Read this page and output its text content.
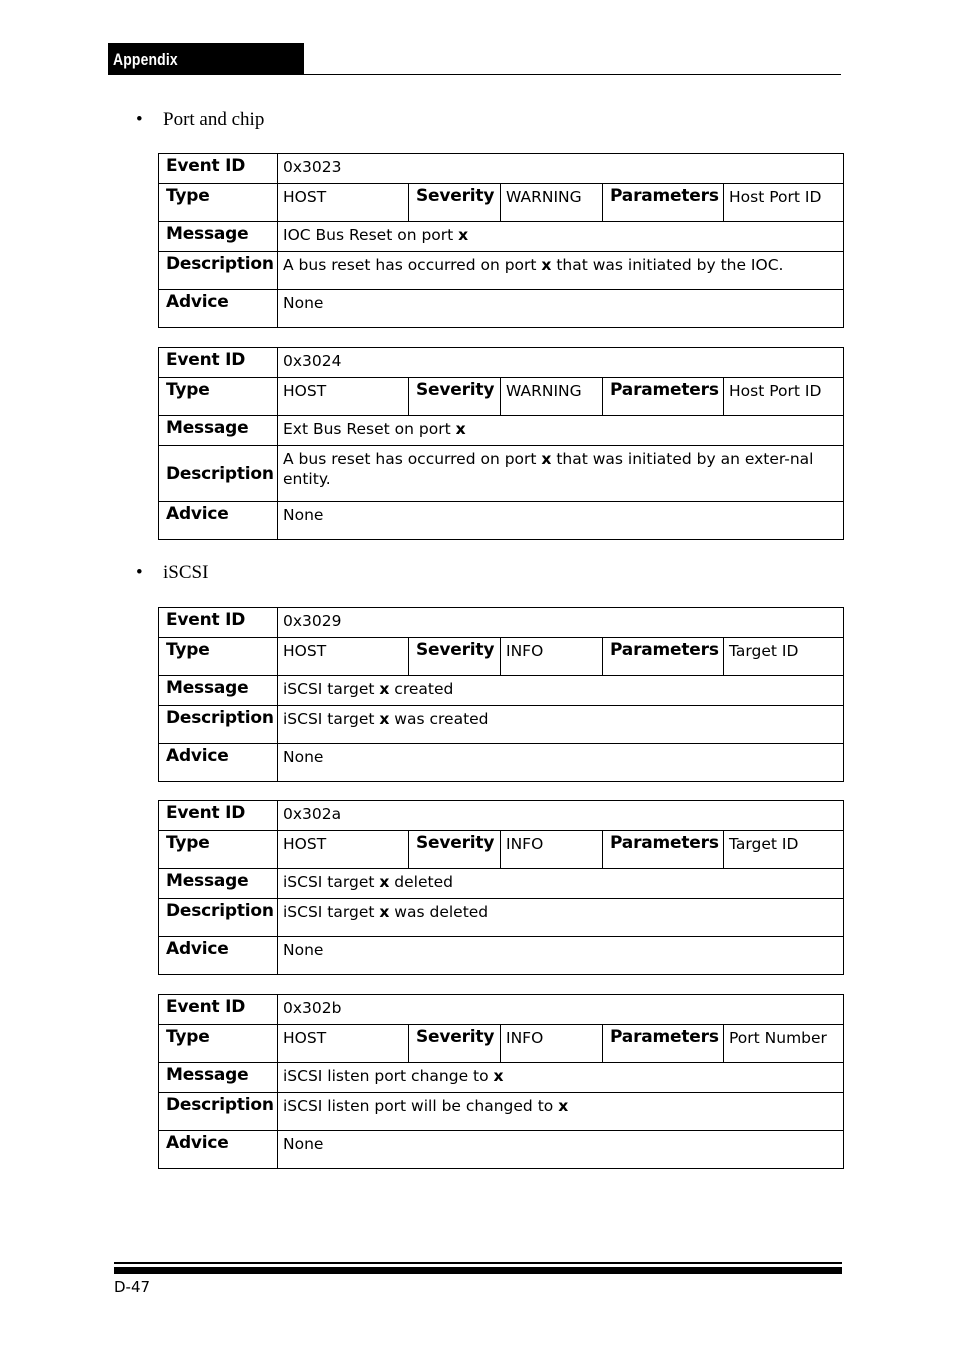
Appendix
• Port and chip
Event ID	0x3023				
Type	HOST	Severity	WARNING	Parameters	Host Port ID
Message	IOC Bus Reset on port x				
Description	A bus reset has occurred on port x that was initiated by the IOC.				
Advice	None				
Event ID	0x3024				
Type	HOST	Severity	WARNING	Parameters	Host Port ID
Message	Ext Bus Reset on port x				
Description	A bus reset has occurred on port x that was initiated by an exter-nal entity.				
Advice	None				
• iSCSI
Event ID	0x3029				
Type	HOST	Severity	INFO	Parameters	Target ID
Message	iSCSI target x created				
Description	iSCSI target x was created				
Advice	None				
Event ID	0x302a				
Type	HOST	Severity	INFO	Parameters	Target ID
Message	iSCSI target x deleted				
Description	iSCSI target x was deleted				
Advice	None				
Event ID	0x302b				
Type	HOST	Severity	INFO	Parameters	Port Number
Message	iSCSI listen port change to x				
Description	iSCSI listen port will be changed to x				
Advice	None				
D-47
